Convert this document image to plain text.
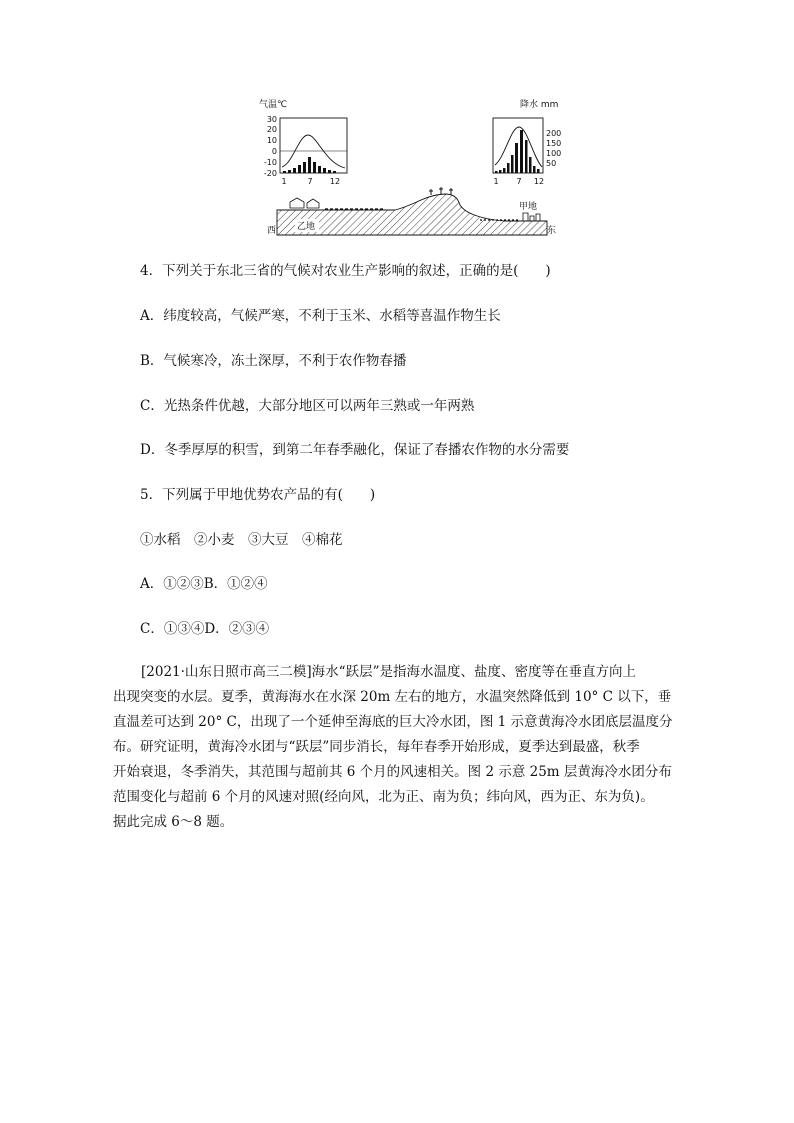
气温℃
30
20
10
0
-10
-20
1	7 12
降水 mm
200
150
100
50
1 7 12
乙地
甲地
西	东
4．下列关于东北三省的气候对农业生产影响的叙述，正确的是(　　)
A．纬度较高，气候严寒，不利于玉米、水稻等喜温作物生长
B．气候寒冷，冻土深厚，不利于农作物春播
C．光热条件优越，大部分地区可以两年三熟或一年两熟
D．冬季厚厚的积雪，到第二年春季融化，保证了春播农作物的水分需要
5．下列属于甲地优势农产品的有(　　)
①水稻　②小麦　③大豆　④棉花
A．①②③B．①②④
C．①③④D．②③④
[2021·山东日照市高三二模]海水“跃层”是指海水温度、盐度、密度等在垂直方向上
出现突变的水层。夏季，黄海海水在水深 20m 左右的地方，水温突然降低到 10° C 以下，垂
直温差可达到 20° C，出现了一个延伸至海底的巨大冷水团，图 1 示意黄海冷水团底层温度分
布。研究证明，黄海冷水团与“跃层”同步消长，每年春季开始形成，夏季达到最盛，秋季
开始衰退，冬季消失，其范围与超前其 6 个月的风速相关。图 2 示意 25m 层黄海冷水团分布
范围变化与超前 6 个月的风速对照(经向风，北为正、南为负；纬向风，西为正、东为负)。
据此完成 6～8 题。
